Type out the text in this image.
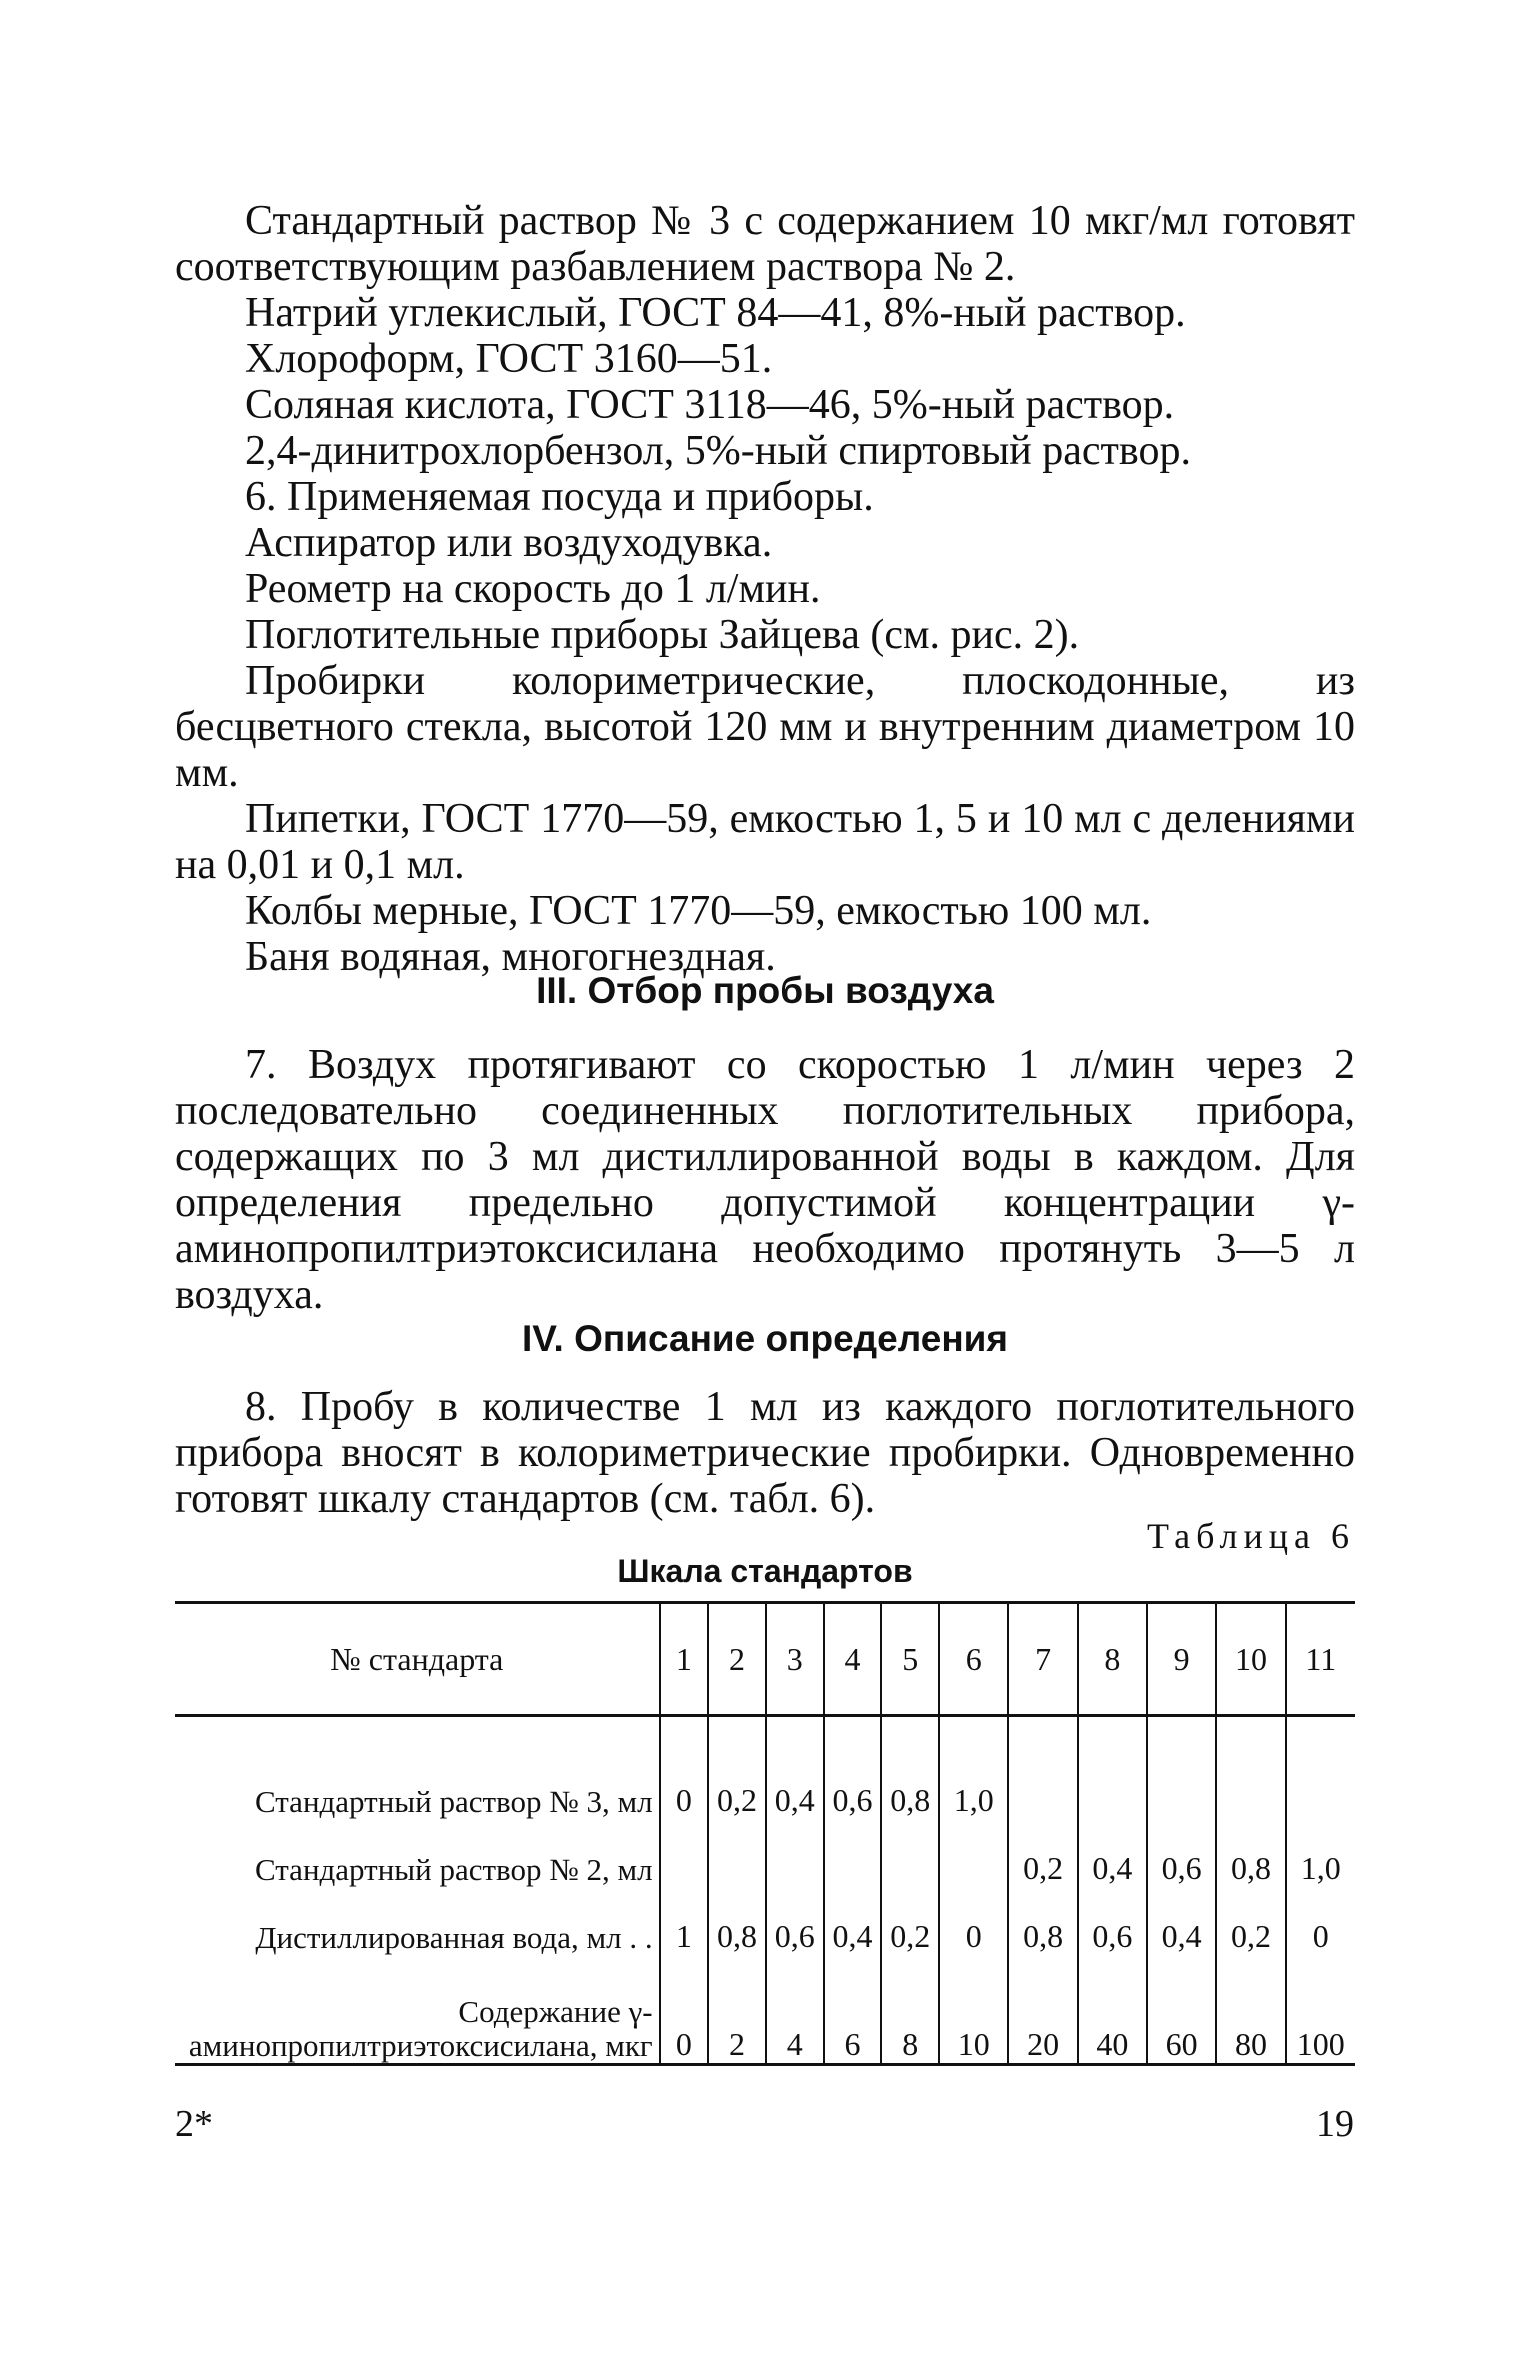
Стандартный раствор № 3 с содержанием 10 мкг/мл готовят соответствующим разбавлением раствора № 2.

Натрий углекислый, ГОСТ 84—41, 8%-ный раствор.

Хлороформ, ГОСТ 3160—51.

Соляная кислота, ГОСТ 3118—46, 5%-ный раствор.

2,4-динитрохлорбензол, 5%-ный спиртовый раствор.

6. Применяемая посуда и приборы.

Аспиратор или воздуходувка.

Реометр на скорость до 1 л/мин.

Поглотительные приборы Зайцева (см. рис. 2).

Пробирки колориметрические, плоскодонные, из бесцветного стекла, высотой 120 мм и внутренним диаметром 10 мм.

Пипетки, ГОСТ 1770—59, емкостью 1, 5 и 10 мл с делениями на 0,01 и 0,1 мл.

Колбы мерные, ГОСТ 1770—59, емкостью 100 мл.

Баня водяная, многогнездная.

III. Отбор пробы воздуха

7. Воздух протягивают со скоростью 1 л/мин через 2 последовательно соединенных поглотительных прибора, содержащих по 3 мл дистиллированной воды в каждом. Для определения предельно допустимой концентрации γ-аминопропилтриэтоксисилана необходимо протянуть 3—5 л воздуха.

IV. Описание определения

8. Пробу в количестве 1 мл из каждого поглотительного прибора вносят в колориметрические пробирки. Одновременно готовят шкалу стандартов (см. табл. 6).

Таблица 6
Шкала стандартов
№ стандарта	1	2	3	4	5	6	7	8	9	10	11
Стандартный раствор № 3, мл	0	0,2	0,4	0,6	0,8	1,0					
Стандартный раствор № 2, мл							0,2	0,4	0,6	0,8	1,0
Дистиллированная вода, мл . .	1	0,8	0,6	0,4	0,2	0	0,8	0,6	0,4	0,2	0
Содержание γ-аминопропилтриэтоксисилана, мкг	0	2	4	6	8	10	20	40	60	80	100
2*	19
